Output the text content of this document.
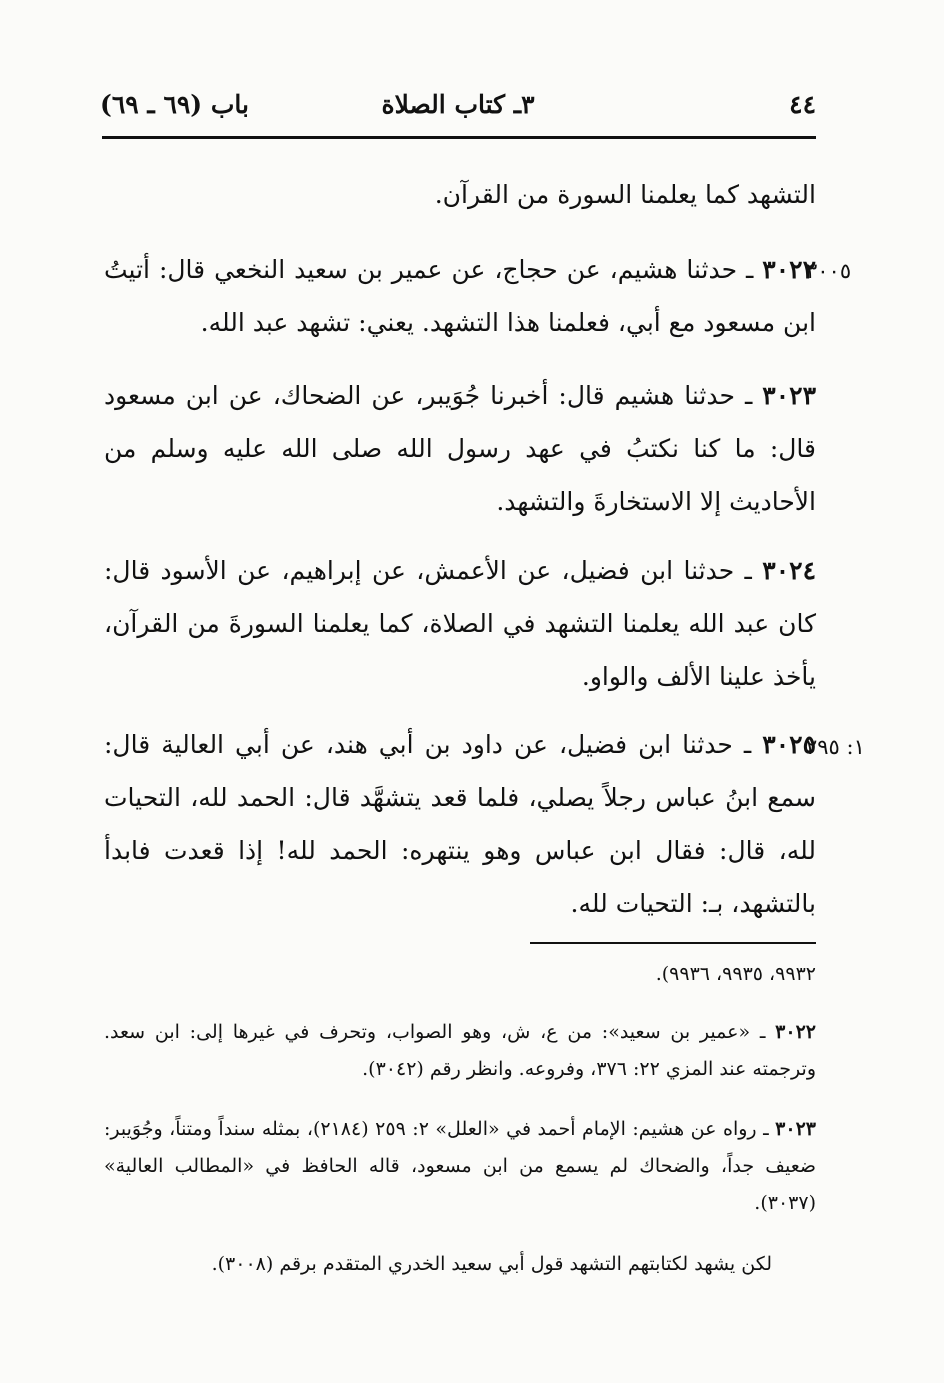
٤٤
٣ـ كتاب الصلاة
باب (٦٩ ـ ٦٩)

التشهد كما يعلمنا السورة من القرآن.

٣٠٠٥

٣٠٢٢ ـ حدثنا هشيم، عن حجاج، عن عمير بن سعيد النخعي قال: أتيتُ ابن مسعود مع أبي، فعلمنا هذا التشهد. يعني: تشهد عبد الله.

٣٠٢٣ ـ حدثنا هشيم قال: أخبرنا جُوَيبر، عن الضحاك، عن ابن مسعود قال: ما كنا نكتبُ في عهد رسول الله صلى الله عليه وسلم من الأحاديث إلا الاستخارةَ والتشهد.

٣٠٢٤ ـ حدثنا ابن فضيل، عن الأعمش، عن إبراهيم، عن الأسود قال: كان عبد الله يعلمنا التشهد في الصلاة، كما يعلمنا السورةَ من القرآن، يأخذ علينا الألف والواو.

١: ٢٩٥

٣٠٢٥ ـ حدثنا ابن فضيل، عن داود بن أبي هند، عن أبي العالية قال: سمع ابنُ عباس رجلاً يصلي، فلما قعد يتشهَّد قال: الحمد لله، التحيات لله، قال: فقال ابن عباس وهو ينتهره: الحمد لله! إذا قعدت فابدأ بالتشهد، بـ: التحيات لله.

٩٩٣٢، ٩٩٣٥، ٩٩٣٦).

٣٠٢٢ ـ «عمير بن سعيد»: من ع، ش، وهو الصواب، وتحرف في غيرها إلى: ابن سعد. وترجمته عند المزي ٢٢: ٣٧٦، وفروعه. وانظر رقم (٣٠٤٢).

٣٠٢٣ ـ رواه عن هشيم: الإمام أحمد في «العلل» ٢: ٢٥٩ (٢١٨٤)، بمثله سنداً ومتناً، وجُوَيبر: ضعيف جداً، والضحاك لم يسمع من ابن مسعود، قاله الحافظ في «المطالب العالية» (٣٠٣٧).

لكن يشهد لكتابتهم التشهد قول أبي سعيد الخدري المتقدم برقم (٣٠٠٨).
